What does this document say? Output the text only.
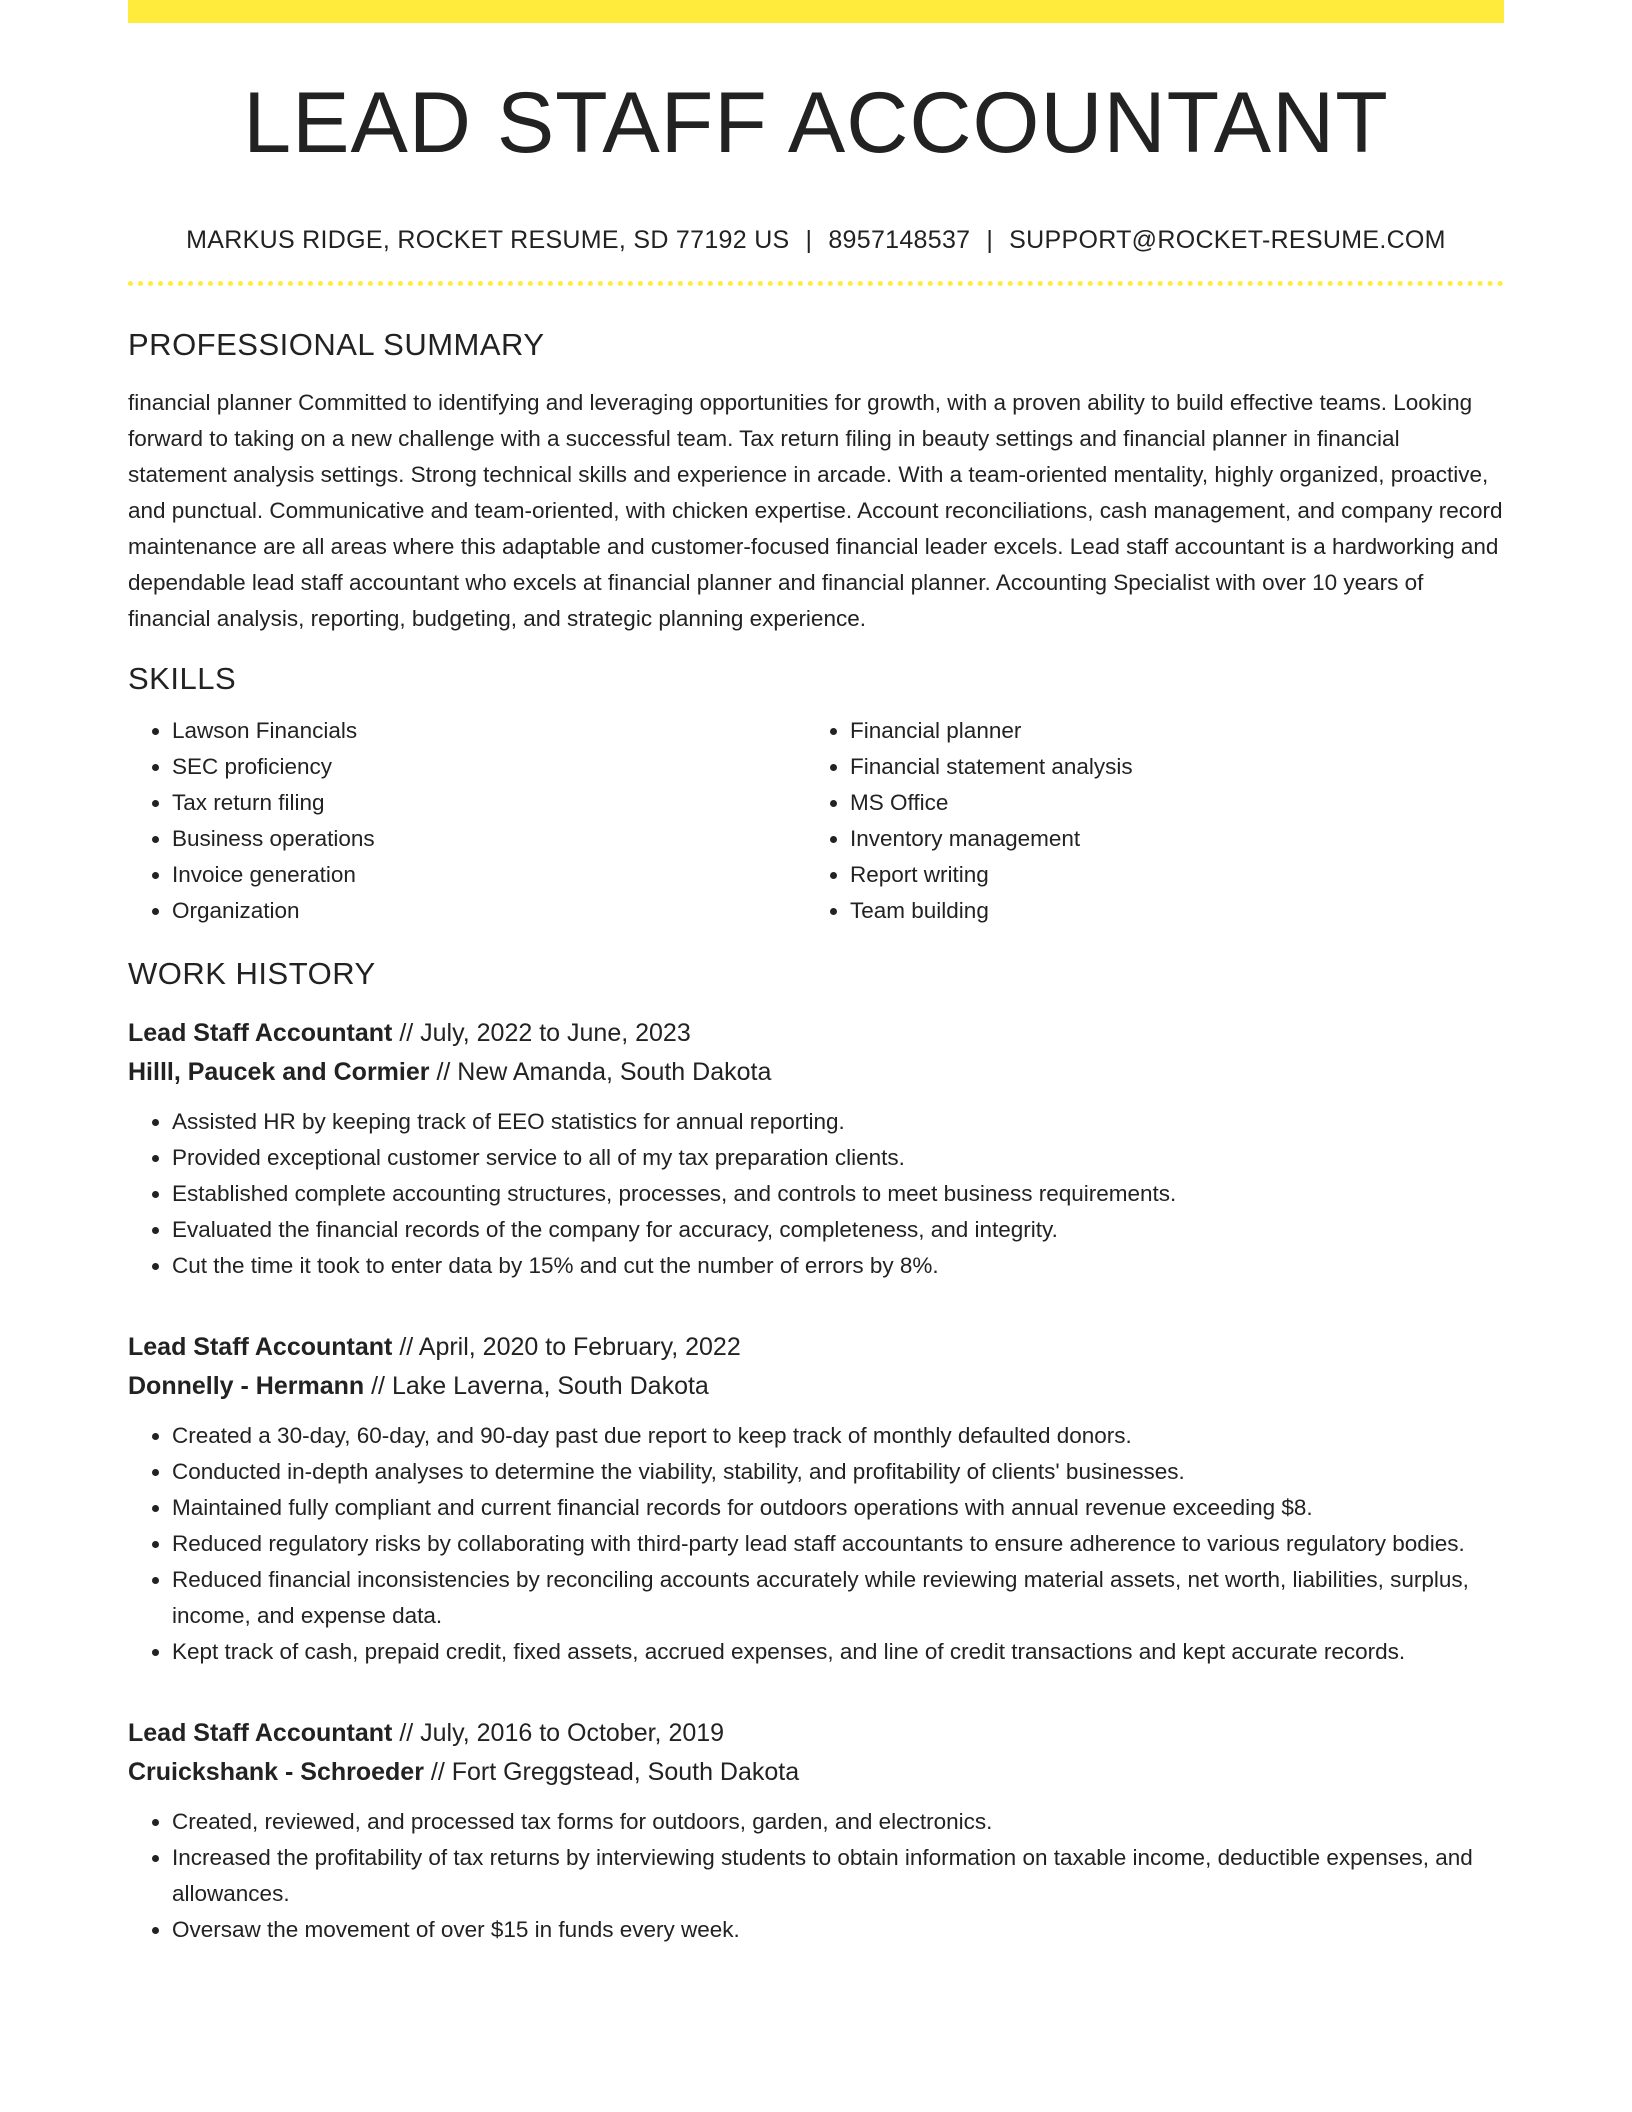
LEAD STAFF ACCOUNTANT
MARKUS RIDGE, ROCKET RESUME, SD 77192 US | 8957148537 | SUPPORT@ROCKET-RESUME.COM
PROFESSIONAL SUMMARY

financial planner Committed to identifying and leveraging opportunities for growth, with a proven ability to build effective teams. Looking forward to taking on a new challenge with a successful team. Tax return filing in beauty settings and financial planner in financial statement analysis settings. Strong technical skills and experience in arcade. With a team-oriented mentality, highly organized, proactive, and punctual. Communicative and team-oriented, with chicken expertise. Account reconciliations, cash management, and company record maintenance are all areas where this adaptable and customer-focused financial leader excels. Lead staff accountant is a hardworking and dependable lead staff accountant who excels at financial planner and financial planner. Accounting Specialist with over 10 years of financial analysis, reporting, budgeting, and strategic planning experience.

SKILLS
• Lawson Financials
• SEC proficiency
• Tax return filing
• Business operations
• Invoice generation
• Organization
• Financial planner
• Financial statement analysis
• MS Office
• Inventory management
• Report writing
• Team building
WORK HISTORY
Lead Staff Accountant // July, 2022 to June, 2023
Hilll, Paucek and Cormier // New Amanda, South Dakota
• Assisted HR by keeping track of EEO statistics for annual reporting.
• Provided exceptional customer service to all of my tax preparation clients.
• Established complete accounting structures, processes, and controls to meet business requirements.
• Evaluated the financial records of the company for accuracy, completeness, and integrity.
• Cut the time it took to enter data by 15% and cut the number of errors by 8%.
Lead Staff Accountant // April, 2020 to February, 2022
Donnelly - Hermann // Lake Laverna, South Dakota
• Created a 30-day, 60-day, and 90-day past due report to keep track of monthly defaulted donors.
• Conducted in-depth analyses to determine the viability, stability, and profitability of clients' businesses.
• Maintained fully compliant and current financial records for outdoors operations with annual revenue exceeding $8.
• Reduced regulatory risks by collaborating with third-party lead staff accountants to ensure adherence to various regulatory bodies.
• Reduced financial inconsistencies by reconciling accounts accurately while reviewing material assets, net worth, liabilities, surplus, income, and expense data.
• Kept track of cash, prepaid credit, fixed assets, accrued expenses, and line of credit transactions and kept accurate records.
Lead Staff Accountant // July, 2016 to October, 2019
Cruickshank - Schroeder // Fort Greggstead, South Dakota
• Created, reviewed, and processed tax forms for outdoors, garden, and electronics.
• Increased the profitability of tax returns by interviewing students to obtain information on taxable income, deductible expenses, and allowances.
• Oversaw the movement of over $15 in funds every week.
